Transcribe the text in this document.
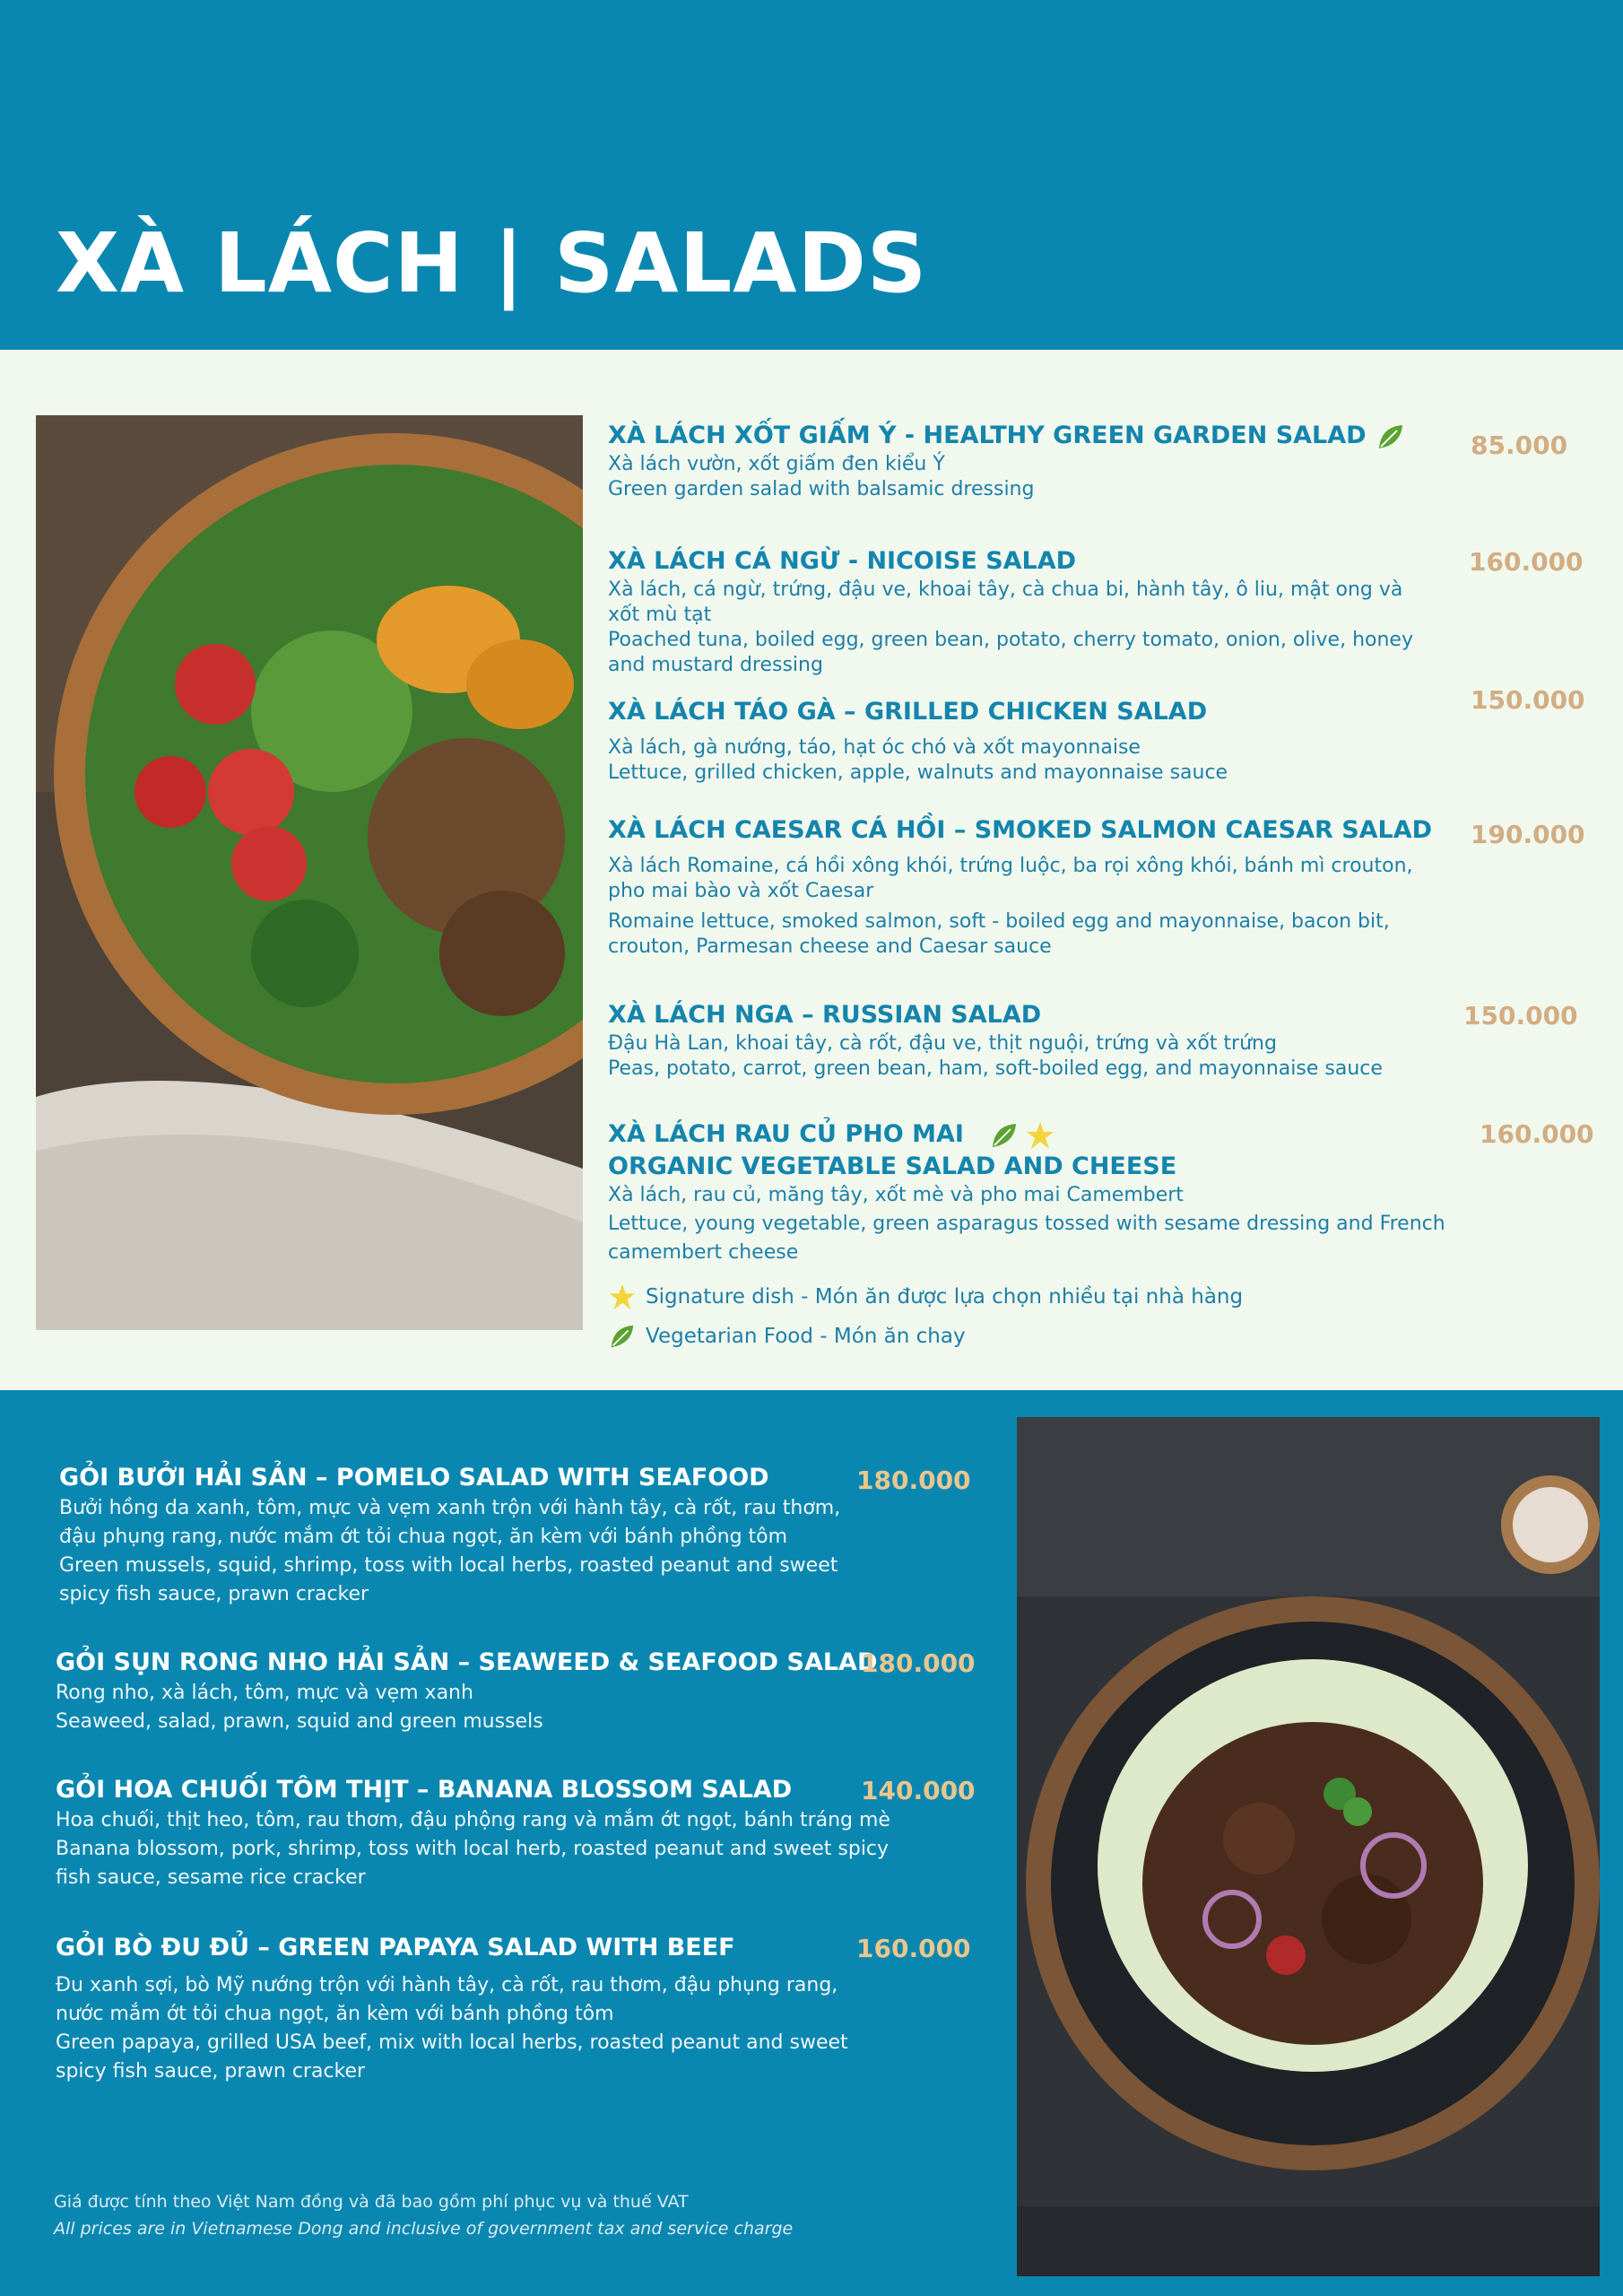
XÀ LÁCH | SALADS

XÀ LÁCH XỐT GIẤM Ý - HEALTHY GREEN GARDEN SALAD

Xà lách vườn, xốt giấm đen kiểu Ý

Green garden salad with balsamic dressing

85.000

XÀ LÁCH CÁ NGỪ - NICOISE SALAD

Xà lách, cá ngừ, trứng, đậu ve, khoai tây, cà chua bi, hành tây, ô liu, mật ong và

xốt mù tạt

Poached tuna, boiled egg, green bean, potato, cherry tomato, onion, olive, honey

and mustard dressing

160.000

XÀ LÁCH TÁO GÀ – GRILLED CHICKEN SALAD

Xà lách, gà nướng, táo, hạt óc chó và xốt mayonnaise

Lettuce, grilled chicken, apple, walnuts and mayonnaise sauce

150.000

XÀ LÁCH CAESAR CÁ HỒI – SMOKED SALMON CAESAR SALAD

Xà lách Romaine, cá hồi xông khói, trứng luộc, ba rọi xông khói, bánh mì crouton,

pho mai bào và xốt Caesar

Romaine lettuce, smoked salmon, soft - boiled egg and mayonnaise, bacon bit,

crouton, Parmesan cheese and Caesar sauce

190.000

XÀ LÁCH NGA – RUSSIAN SALAD

Đậu Hà Lan, khoai tây, cà rốt, đậu ve, thịt nguội, trứng và xốt trứng

Peas, potato, carrot, green bean, ham, soft-boiled egg, and mayonnaise sauce

150.000

XÀ LÁCH RAU CỦ PHO MAI

ORGANIC VEGETABLE SALAD AND CHEESE

Xà lách, rau củ, măng tây, xốt mè và pho mai Camembert

Lettuce, young vegetable, green asparagus tossed with sesame dressing and French

camembert cheese

160.000
Signature dish - Món ăn được lựa chọn nhiều tại nhà hàng
Vegetarian Food - Món ăn chay

GỎI BƯỞI HẢI SẢN – POMELO SALAD WITH SEAFOOD

Bưởi hồng da xanh, tôm, mực và vẹm xanh trộn với hành tây, cà rốt, rau thơm,

đậu phụng rang, nước mắm ớt tỏi chua ngọt, ăn kèm với bánh phồng tôm

Green mussels, squid, shrimp, toss with local herbs, roasted peanut and sweet

spicy fish sauce, prawn cracker

180.000

GỎI SỤN RONG NHO HẢI SẢN – SEAWEED & SEAFOOD SALAD

Rong nho, xà lách, tôm, mực và vẹm xanh

Seaweed, salad, prawn, squid and green mussels

180.000

GỎI HOA CHUỐI TÔM THỊT – BANANA BLOSSOM SALAD

Hoa chuối, thịt heo, tôm, rau thơm, đậu phộng rang và mắm ớt ngọt, bánh tráng mè

Banana blossom, pork, shrimp, toss with local herb, roasted peanut and sweet spicy

fish sauce, sesame rice cracker

140.000

GỎI BÒ ĐU ĐỦ – GREEN PAPAYA SALAD WITH BEEF

Đu xanh sợi, bò Mỹ nướng trộn với hành tây, cà rốt, rau thơm, đậu phụng rang,

nước mắm ớt tỏi chua ngọt, ăn kèm với bánh phồng tôm

Green papaya, grilled USA beef, mix with local herbs, roasted peanut and sweet

spicy fish sauce, prawn cracker

160.000
Giá được tính theo Việt Nam đồng và đã bao gồm phí phục vụ và thuế VAT
All prices are in Vietnamese Dong and inclusive of government tax and service charge
